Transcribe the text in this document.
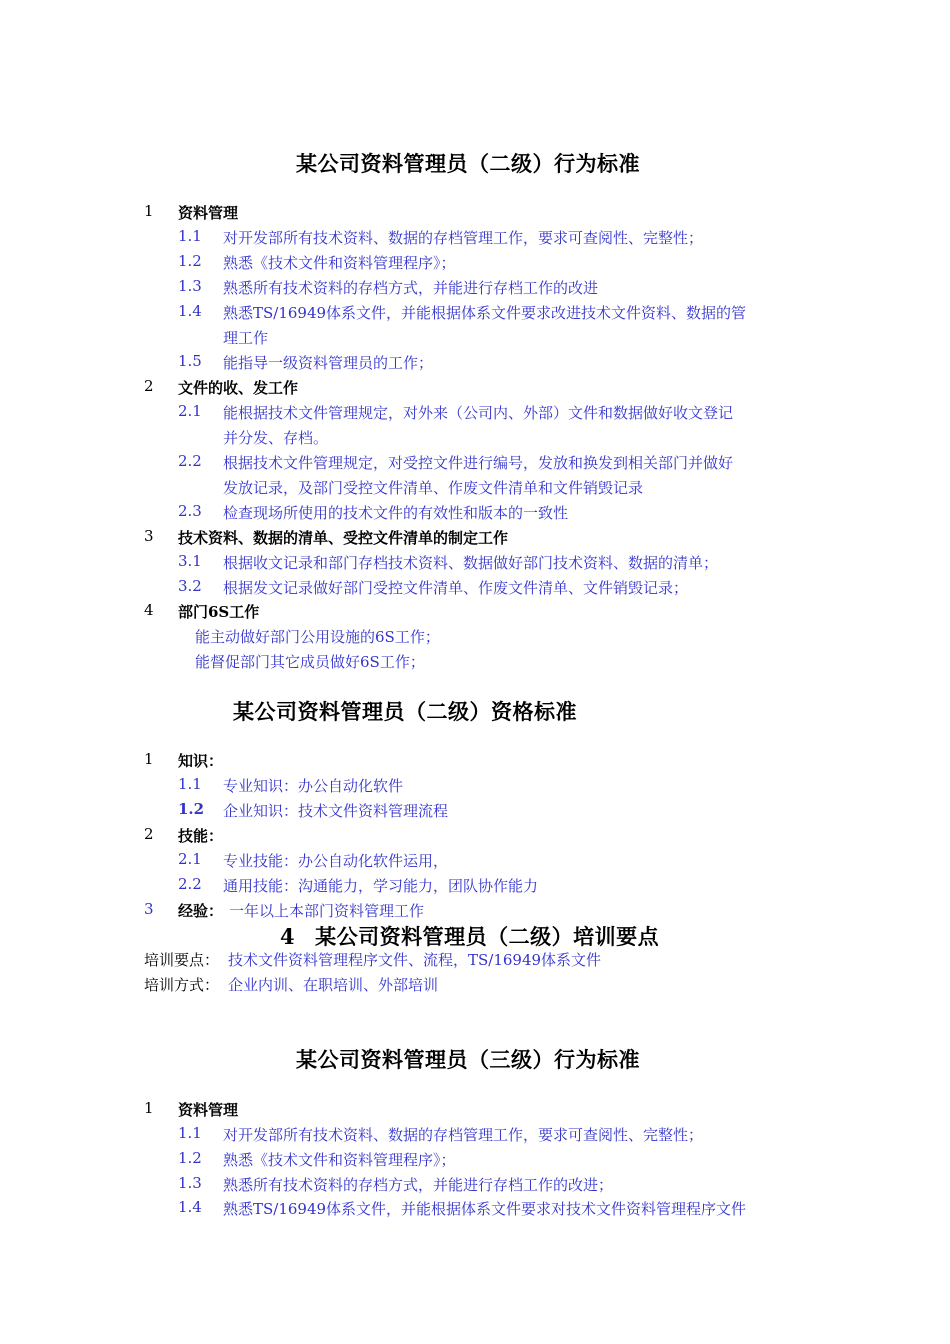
某公司资料管理员（二级）行为标准
1 资料管理
1.1 对开发部所有技术资料、数据的存档管理工作，要求可查阅性、完整性；
1.2 熟悉《技术文件和资料管理程序》；
1.3 熟悉所有技术资料的存档方式，并能进行存档工作的改进
1.4 熟悉TS/16949体系文件，并能根据体系文件要求改进技术文件资料、数据的管
理工作
1.5 能指导一级资料管理员的工作；
2 文件的收、发工作
2.1 能根据技术文件管理规定，对外来（公司内、外部）文件和数据做好收文登记
并分发、存档。
2.2 根据技术文件管理规定，对受控文件进行编号，发放和换发到相关部门并做好
发放记录，及部门受控文件清单、作废文件清单和文件销毁记录
2.3 检查现场所使用的技术文件的有效性和版本的一致性
3 技术资料、数据的清单、受控文件清单的制定工作
3.1 根据收文记录和部门存档技术资料、数据做好部门技术资料、数据的清单；
3.2 根据发文记录做好部门受控文件清单、作废文件清单、文件销毁记录；
4 部门6S工作
能主动做好部门公用设施的6S工作；
能督促部门其它成员做好6S工作；
某公司资料管理员（二级）资格标准
1 知识：
1.1 专业知识：办公自动化软件
1.2 企业知识：技术文件资料管理流程
2 技能：
2.1 专业技能：办公自动化软件运用，
2.2 通用技能：沟通能力，学习能力，团队协作能力
3 经验： 一年以上本部门资料管理工作
4 某公司资料管理员（二级）培训要点
培训要点： 技术文件资料管理程序文件、流程，TS/16949体系文件
培训方式： 企业内训、在职培训、外部培训
某公司资料管理员（三级）行为标准
1 资料管理
1.1 对开发部所有技术资料、数据的存档管理工作，要求可查阅性、完整性；
1.2 熟悉《技术文件和资料管理程序》；
1.3 熟悉所有技术资料的存档方式，并能进行存档工作的改进；
1.4 熟悉TS/16949体系文件，并能根据体系文件要求对技术文件资料管理程序文件
